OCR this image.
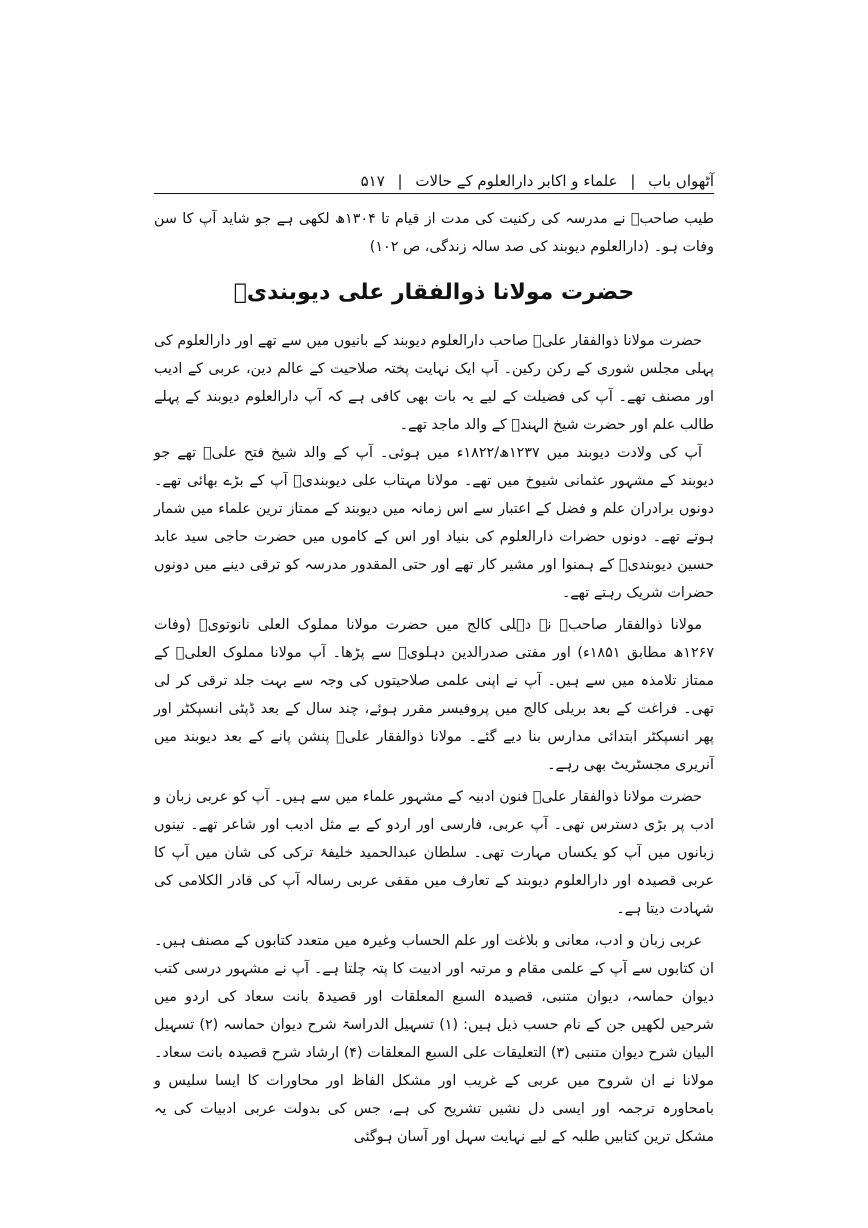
آٹھواں باب | علماء و اکابر دارالعلوم کے حالات | ۵۱۷

طیب صاحبؒ نے مدرسہ کی رکنیت کی مدت از قیام تا ۱۳۰۴ھ لکھی ہے جو شاید آپ کا سن وفات ہو۔ (دارالعلوم دیوبند کی صد سالہ زندگی، ص ۱۰۲)

حضرت مولانا ذوالفقار علی دیوبندیؒ

حضرت مولانا ذوالفقار علیؒ صاحب دارالعلوم دیوبند کے بانیوں میں سے تھے اور دارالعلوم کی پہلی مجلس شوری کے رکن رکین۔ آپ ایک نہایت پختہ صلاحیت کے عالم دین، عربی کے ادیب اور مصنف تھے۔ آپ کی فضیلت کے لیے یہ بات بھی کافی ہے کہ آپ دارالعلوم دیوبند کے پہلے طالب علم اور حضرت شیخ الہندؒ کے والد ماجد تھے۔

آپ کی ولادت دیوبند میں ۱۲۳۷ھ/۱۸۲۲ء میں ہوئی۔ آپ کے والد شیخ فتح علیؒ تھے جو دیوبند کے مشہور عثمانی شیوخ میں تھے۔ مولانا مہتاب علی دیوبندیؒ آپ کے بڑے بھائی تھے۔ دونوں برادران علم و فضل کے اعتبار سے اس زمانہ میں دیوبند کے ممتاز ترین علماء میں شمار ہوتے تھے۔ دونوں حضرات دارالعلوم کی بنیاد اور اس کے کاموں میں حضرت حاجی سید عابد حسین دیوبندیؒ کے ہمنوا اور مشیر کار تھے اور حتی المقدور مدرسہ کو ترقی دینے میں دونوں حضرات شریک رہتے تھے۔

مولانا ذوالفقار صاحبؒ نے دہلی کالج میں حضرت مولانا مملوک العلی نانوتویؒ (وفات ۱۲۶۷ھ مطابق ۱۸۵۱ء) اور مفتی صدرالدین دہلویؒ سے پڑھا۔ آپ مولانا مملوک العلیؒ کے ممتاز تلامذہ میں سے ہیں۔ آپ نے اپنی علمی صلاحیتوں کی وجہ سے بہت جلد ترقی کر لی تھی۔ فراغت کے بعد بریلی کالج میں پروفیسر مقرر ہوئے، چند سال کے بعد ڈپٹی انسپکٹر اور پھر انسپکٹر ابتدائی مدارس بنا دیے گئے۔ مولانا ذوالفقار علیؒ پنشن پانے کے بعد دیوبند میں آنریری مجسٹریٹ بھی رہے۔

حضرت مولانا ذوالفقار علیؒ فنون ادبیہ کے مشہور علماء میں سے ہیں۔ آپ کو عربی زبان و ادب پر بڑی دسترس تھی۔ آپ عربی، فارسی اور اردو کے بے مثل ادیب اور شاعر تھے۔ تینوں زبانوں میں آپ کو یکساں مہارت تھی۔ سلطان عبدالحمید خلیفۂ ترکی کی شان میں آپ کا عربی قصیدہ اور دارالعلوم دیوبند کے تعارف میں مقفی عربی رسالہ آپ کی قادر الکلامی کی شہادت دیتا ہے۔

عربی زبان و ادب، معانی و بلاغت اور علم الحساب وغیرہ میں متعدد کتابوں کے مصنف ہیں۔ ان کتابوں سے آپ کے علمی مقام و مرتبہ اور ادبیت کا پتہ چلتا ہے۔ آپ نے مشہور درسی کتب دیوان حماسہ، دیوان متنبی، قصیدہ السبع المعلقات اور قصیدۃ بانت سعاد کی اردو میں شرحیں لکھیں جن کے نام حسب ذیل ہیں: (۱) تسہیل الدراسۃ شرح دیوان حماسہ (۲) تسہیل البیان شرح دیوان متنبی (۳) التعلیقات علی السبع المعلقات (۴) ارشاد شرح قصیدہ بانت سعاد۔ مولانا نے ان شروح میں عربی کے غریب اور مشکل الفاظ اور محاورات کا ایسا سلیس و بامحاورہ ترجمہ اور ایسی دل نشیں تشریح کی ہے، جس کی بدولت عربی ادبیات کی یہ مشکل ترین کتابیں طلبہ کے لیے نہایت سہل اور آسان ہوگئی
